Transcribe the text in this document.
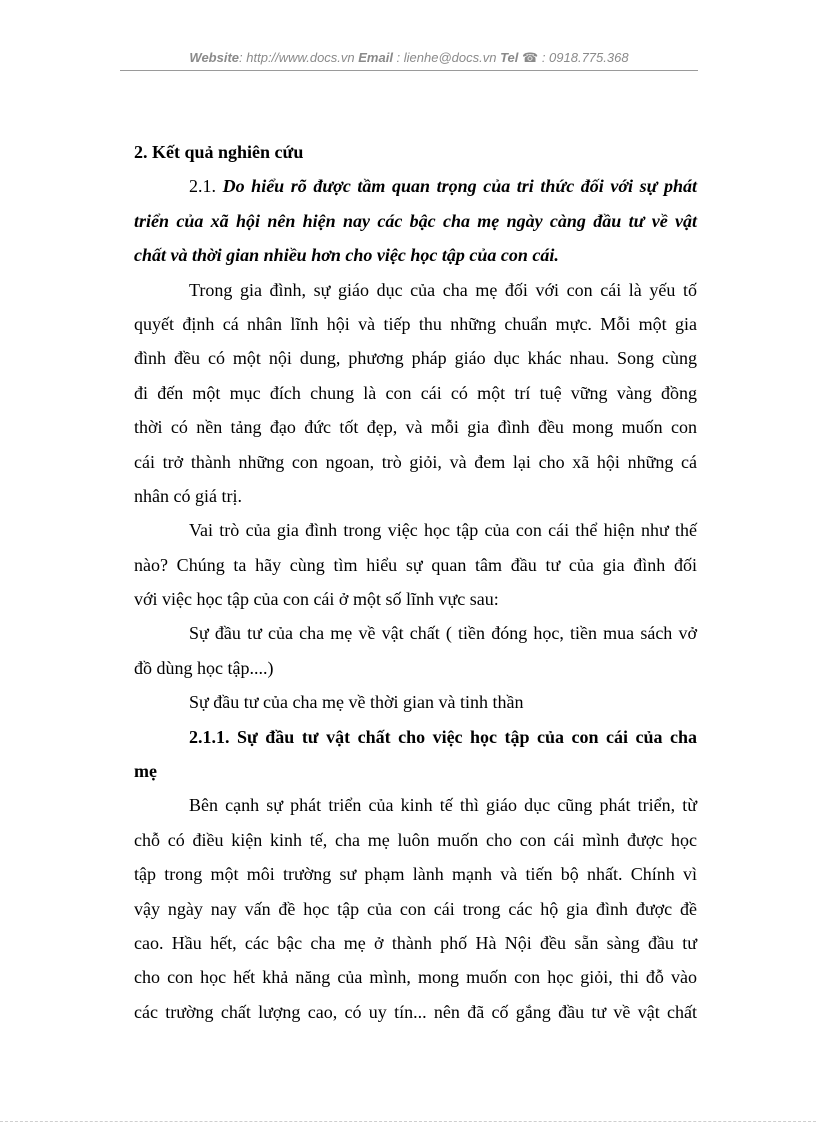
Website: http://www.docs.vn Email : lienhe@docs.vn Tel ☎ : 0918.775.368
2. Kết quả nghiên cứu
2.1. Do hiểu rõ được tầm quan trọng của tri thức đối với sự phát
triển của xã hội nên hiện nay các bậc cha mẹ ngày càng đầu tư về vật
chất và thời gian nhiều hơn cho việc học tập của con cái.
Trong gia đình, sự giáo dục của cha mẹ đối với con cái là yếu tố
quyết định cá nhân lĩnh hội và tiếp thu những chuẩn mực. Mỗi một gia
đình đều có một nội dung, phương pháp giáo dục khác nhau. Song cùng
đi đến một mục đích chung là con cái có một trí tuệ vững vàng đồng
thời có nền tảng đạo đức tốt đẹp, và mỗi gia đình đều mong muốn con
cái trở thành những con ngoan, trò giỏi, và đem lại cho xã hội những cá
nhân có giá trị.
Vai trò của gia đình trong việc học tập của con cái thể hiện như thế
nào? Chúng ta hãy cùng tìm hiểu sự quan tâm đầu tư của gia đình đối
với việc học tập của con cái ở một số lĩnh vực sau:
Sự đầu tư của cha mẹ về vật chất ( tiền đóng học, tiền mua sách vở
đồ dùng học tập....)
Sự đầu tư của cha mẹ về thời gian và tinh thần
2.1.1. Sự đầu tư vật chất cho việc học tập của con cái của cha
mẹ
Bên cạnh sự phát triển của kinh tế thì giáo dục cũng phát triển, từ
chỗ có điều kiện kinh tế, cha mẹ luôn muốn cho con cái mình được học
tập trong một môi trường sư phạm lành mạnh và tiến bộ nhất. Chính vì
vậy ngày nay vấn đề học tập của con cái trong các hộ gia đình được đề
cao. Hầu hết, các bậc cha mẹ ở thành phố Hà Nội đều sẵn sàng đầu tư
cho con học hết khả năng của mình, mong muốn con học giỏi, thi đỗ vào
các trường chất lượng cao, có uy tín... nên đã cố gắng đầu tư về vật chất
